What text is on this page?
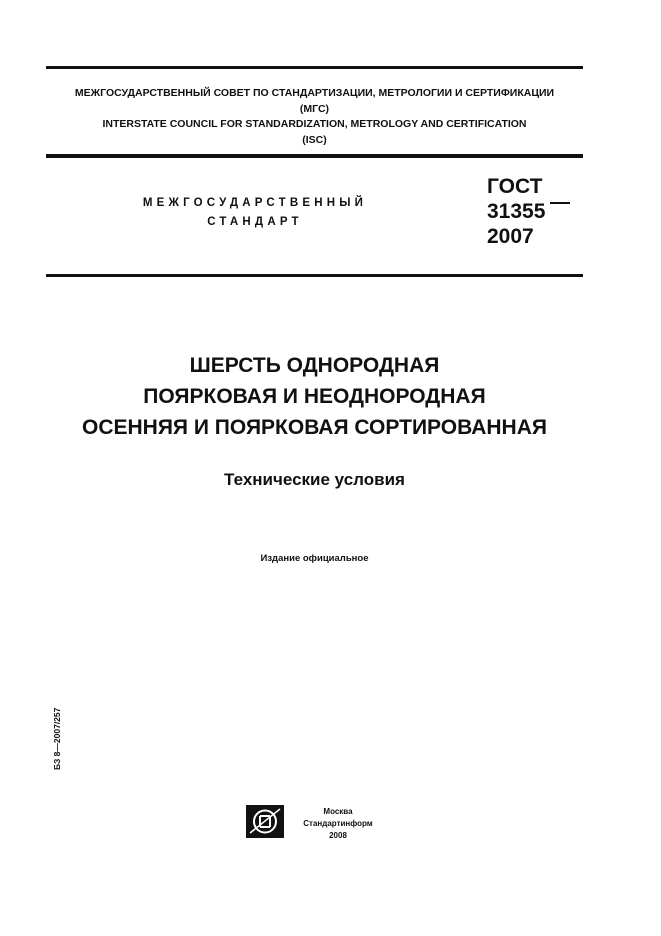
МЕЖГОСУДАРСТВЕННЫЙ СОВЕТ ПО СТАНДАРТИЗАЦИИ, МЕТРОЛОГИИ И СЕРТИФИКАЦИИ
(МГС)
INTERSTATE COUNCIL FOR STANDARDIZATION, METROLOGY AND CERTIFICATION
(ISC)
МЕЖГОСУДАРСТВЕННЫЙ
СТАНДАРТ
ГОСТ
31355
2007
ШЕРСТЬ ОДНОРОДНАЯ
ПОЯРКОВАЯ И НЕОДНОРОДНАЯ
ОСЕННЯЯ И ПОЯРКОВАЯ СОРТИРОВАННАЯ
Технические условия
Издание официальное
БЗ 8—2007/257
Москва
Стандартинформ
2008
